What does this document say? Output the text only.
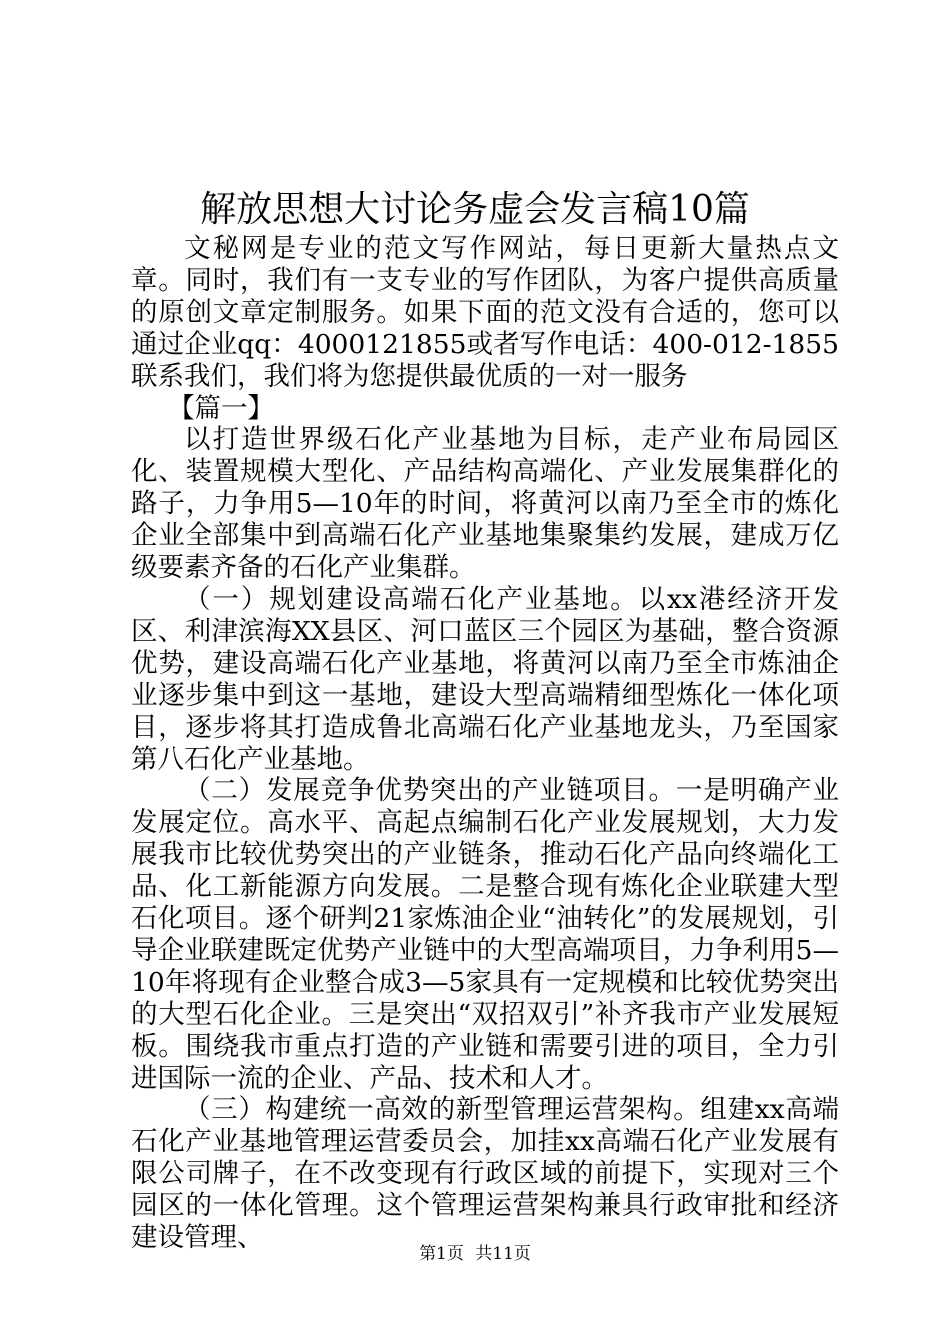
解放思想大讨论务虚会发言稿10篇

文秘网是专业的范文写作网站，每日更新大量热点文章。同时，我们有一支专业的写作团队，为客户提供高质量的原创文章定制服务。如果下面的范文没有合适的，您可以通过企业qq：4000121855或者写作电话：400-012-1855联系我们，我们将为您提供最优质的一对一服务

【篇一】

以打造世界级石化产业基地为目标，走产业布局园区化、装置规模大型化、产品结构高端化、产业发展集群化的路子，力争用5—10年的时间，将黄河以南乃至全市的炼化企业全部集中到高端石化产业基地集聚集约发展，建成万亿级要素齐备的石化产业集群。

（一）规划建设高端石化产业基地。以xx港经济开发区、利津滨海XX县区、河口蓝区三个园区为基础，整合资源优势，建设高端石化产业基地，将黄河以南乃至全市炼油企业逐步集中到这一基地，建设大型高端精细型炼化一体化项目，逐步将其打造成鲁北高端石化产业基地龙头，乃至国家第八石化产业基地。

（二）发展竞争优势突出的产业链项目。一是明确产业发展定位。高水平、高起点编制石化产业发展规划，大力发展我市比较优势突出的产业链条，推动石化产品向终端化工品、化工新能源方向发展。二是整合现有炼化企业联建大型石化项目。逐个研判21家炼油企业“油转化”的发展规划，引导企业联建既定优势产业链中的大型高端项目，力争利用5—10年将现有企业整合成3—5家具有一定规模和比较优势突出的大型石化企业。三是突出“双招双引”补齐我市产业发展短板。围绕我市重点打造的产业链和需要引进的项目，全力引进国际一流的企业、产品、技术和人才。

（三）构建统一高效的新型管理运营架构。组建xx高端石化产业基地管理运营委员会，加挂xx高端石化产业发展有限公司牌子，在不改变现有行政区域的前提下，实现对三个园区的一体化管理。这个管理运营架构兼具行政审批和经济建设管理、

第1页 共11页
